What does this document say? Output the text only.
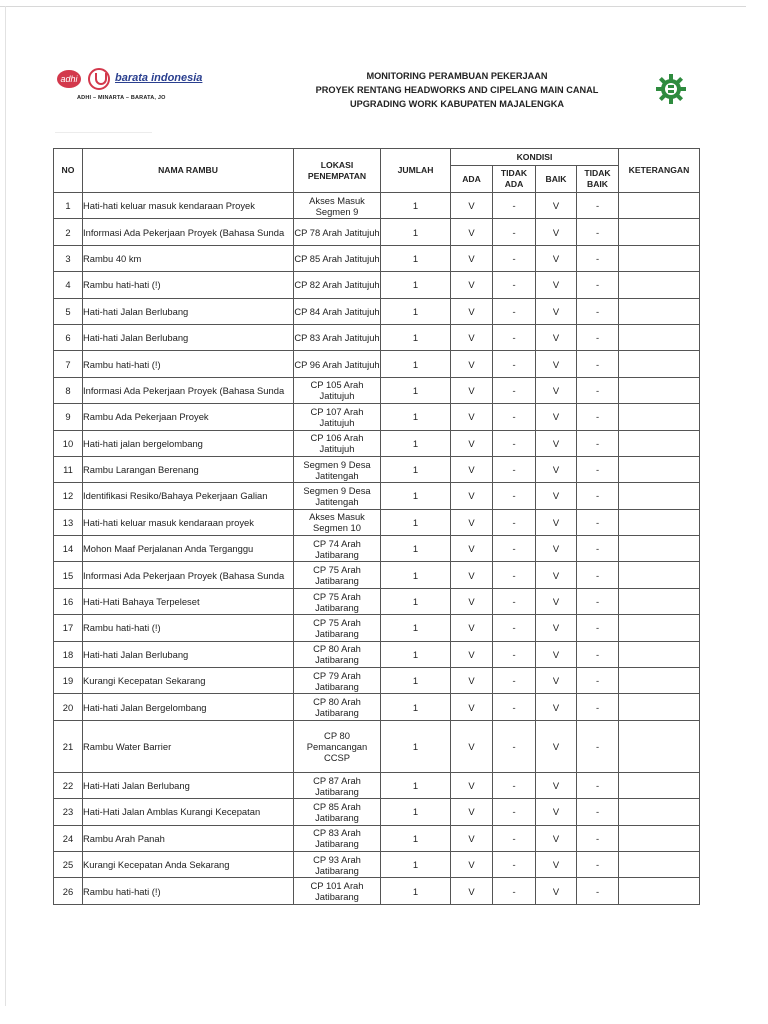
adhi	barata indonesia
ADHI – MINARTA – BARATA, JO
MONITORING PERAMBUAN PEKERJAAN
PROYEK RENTANG HEADWORKS AND CIPELANG MAIN CANAL
UPGRADING WORK KABUPATEN MAJALENGKA
NO	NAMA RAMBU	LOKASI PENEMPATAN	JUMLAH	KONDISI				KETERANGAN
				ADA	TIDAK ADA	BAIK	TIDAK BAIK	
1	Hati-hati keluar masuk kendaraan Proyek	Akses Masuk Segmen 9	1	V	-	V	-	
2	Informasi Ada Pekerjaan Proyek (Bahasa Sunda	CP 78 Arah Jatitujuh	1	V	-	V	-	
3	Rambu 40 km	CP 85 Arah Jatitujuh	1	V	-	V	-	
4	Rambu hati-hati (!)	CP 82 Arah Jatitujuh	1	V	-	V	-	
5	Hati-hati Jalan Berlubang	CP 84 Arah Jatitujuh	1	V	-	V	-	
6	Hati-hati Jalan Berlubang	CP 83 Arah Jatitujuh	1	V	-	V	-	
7	Rambu hati-hati (!)	CP 96 Arah Jatitujuh	1	V	-	V	-	
8	Informasi Ada Pekerjaan Proyek (Bahasa Sunda	CP 105 Arah Jatitujuh	1	V	-	V	-	
9	Rambu Ada Pekerjaan Proyek	CP 107 Arah Jatitujuh	1	V	-	V	-	
10	Hati-hati jalan bergelombang	CP 106 Arah Jatitujuh	1	V	-	V	-	
11	Rambu Larangan Berenang	Segmen 9 Desa Jatitengah	1	V	-	V	-	
12	Identifikasi Resiko/Bahaya Pekerjaan Galian	Segmen 9 Desa Jatitengah	1	V	-	V	-	
13	Hati-hati keluar masuk kendaraan proyek	Akses Masuk Segmen 10	1	V	-	V	-	
14	Mohon Maaf Perjalanan Anda Terganggu	CP 74 Arah Jatibarang	1	V	-	V	-	
15	Informasi Ada Pekerjaan Proyek (Bahasa Sunda	CP 75 Arah Jatibarang	1	V	-	V	-	
16	Hati-Hati Bahaya Terpeleset	CP 75 Arah Jatibarang	1	V	-	V	-	
17	Rambu hati-hati (!)	CP 75 Arah Jatibarang	1	V	-	V	-	
18	Hati-hati Jalan Berlubang	CP 80 Arah Jatibarang	1	V	-	V	-	
19	Kurangi Kecepatan Sekarang	CP 79 Arah Jatibarang	1	V	-	V	-	
20	Hati-hati Jalan Bergelombang	CP 80 Arah Jatibarang	1	V	-	V	-	
21	Rambu Water Barrier	CP 80 Pemancangan CCSP	1	V	-	V	-	
22	Hati-Hati Jalan Berlubang	CP 87 Arah Jatibarang	1	V	-	V	-	
23	Hati-Hati Jalan Amblas Kurangi Kecepatan	CP 85 Arah Jatibarang	1	V	-	V	-	
24	Rambu Arah Panah	CP 83 Arah Jatibarang	1	V	-	V	-	
25	Kurangi Kecepatan Anda Sekarang	CP 93 Arah Jatibarang	1	V	-	V	-	
26	Rambu hati-hati (!)	CP 101 Arah Jatibarang	1	V	-	V	-	
